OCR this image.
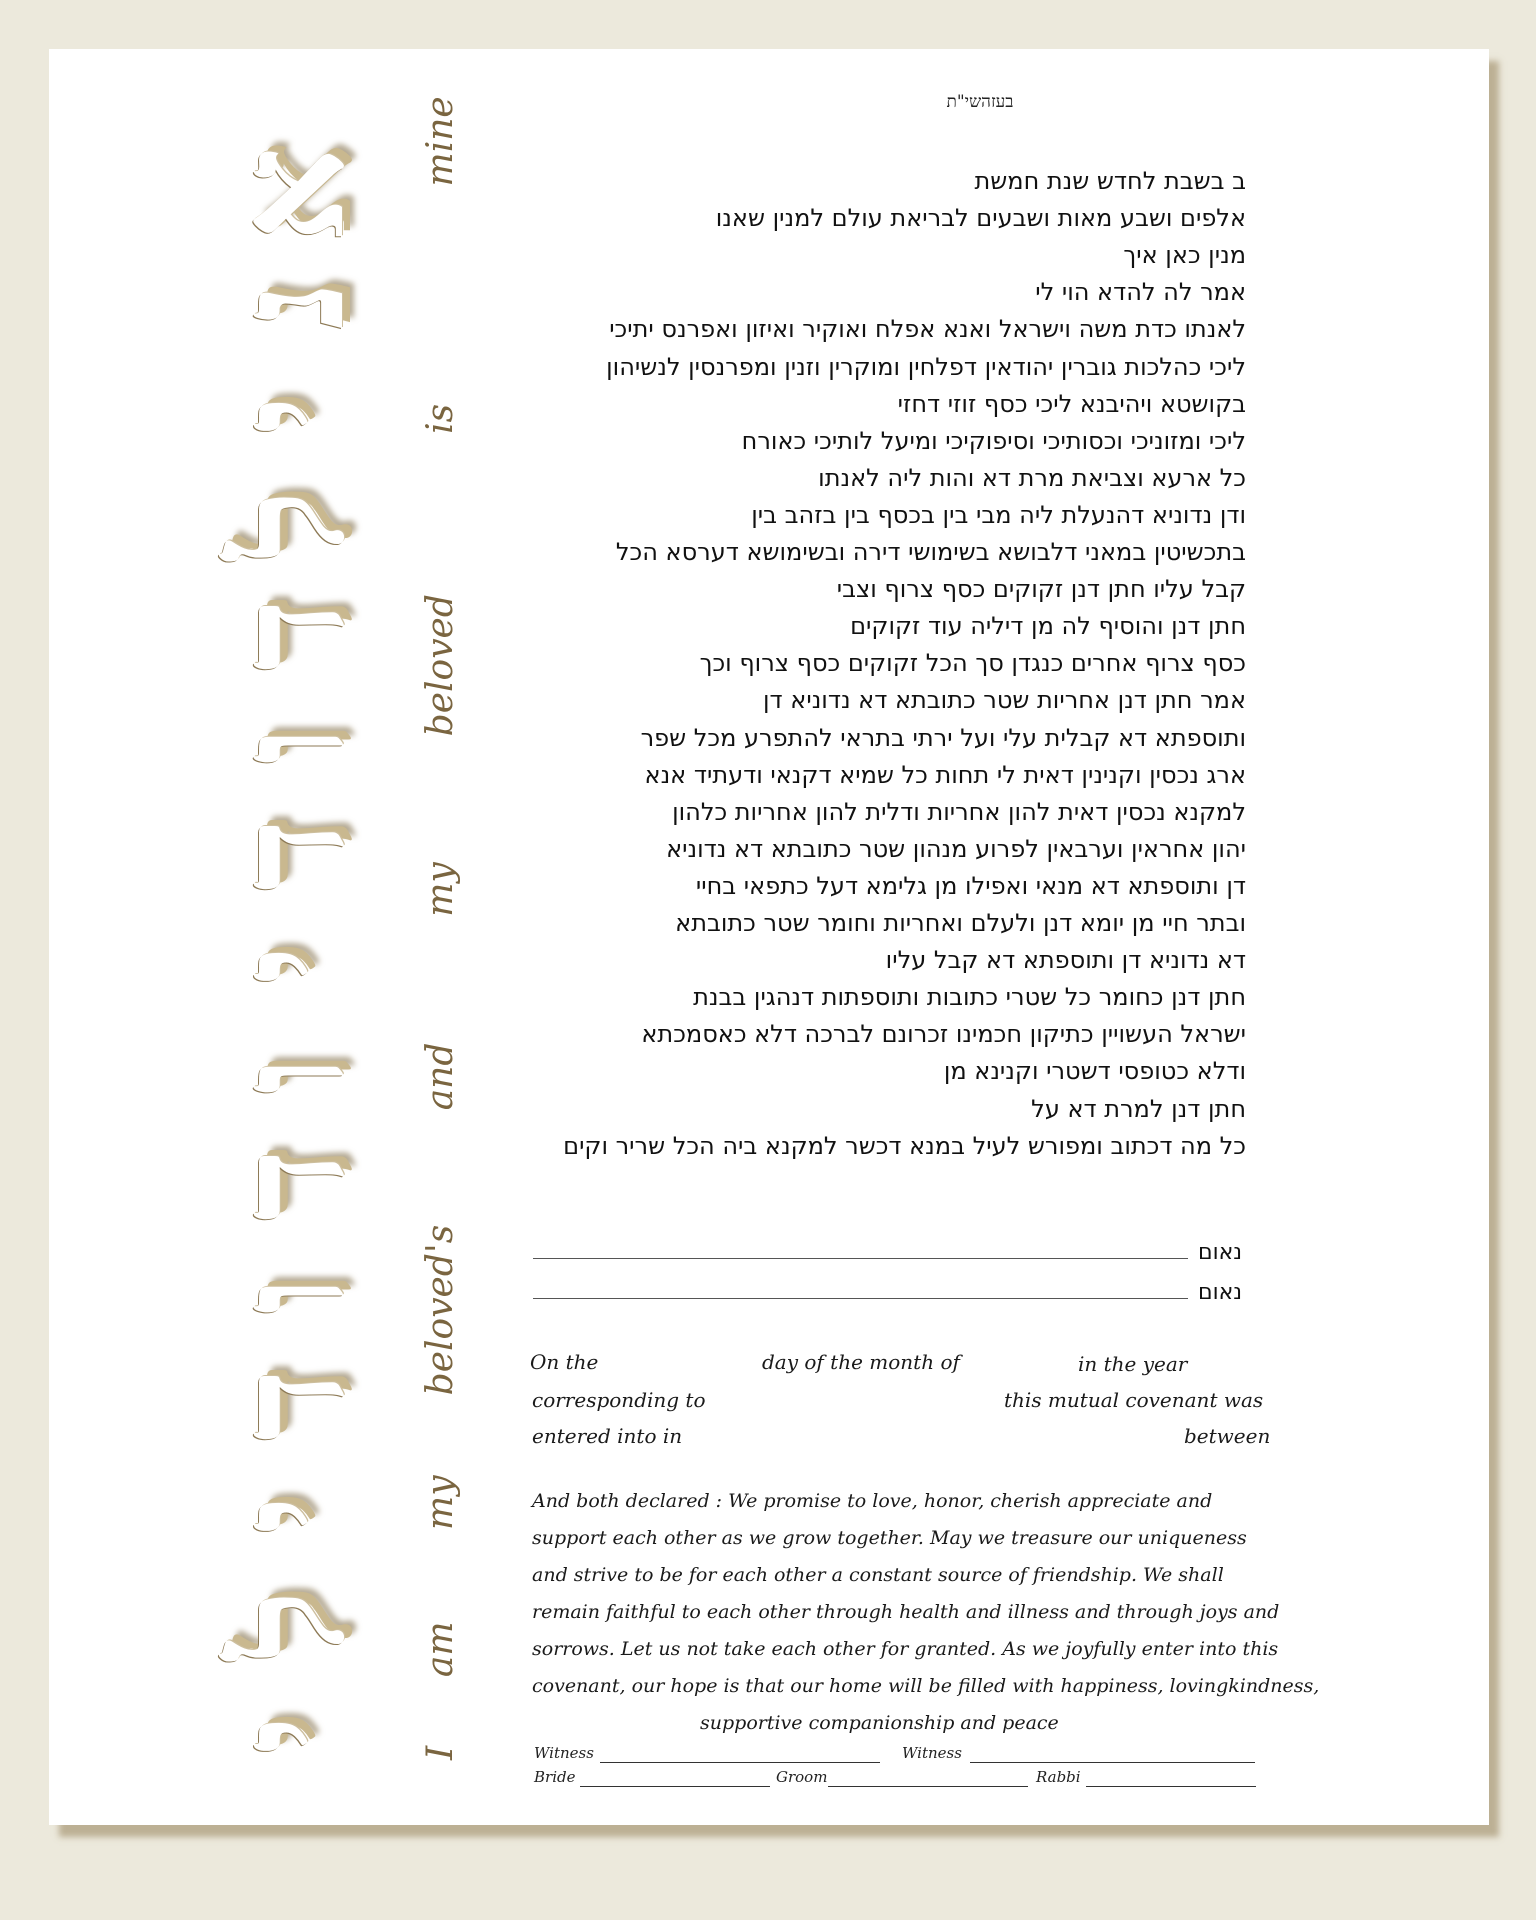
א
נ
י
ל
ד
ו
ד
י
ו
ד
ו
ד
י
ל
י I      am        my       beloved's          and           my           beloved              is                   mine	בעזהשי"ת
ב בשבת לחדש שנת חמשת
אלפים ושבע מאות ושבעים לבריאת עולם למנין שאנו
מנין כאן איך
אמר לה להדא הוי לי
לאנתו כדת משה וישראל ואנא אפלח ואוקיר ואיזון ואפרנס יתיכי
ליכי כהלכות גוברין יהודאין דפלחין ומוקרין וזנין ומפרנסין לנשיהון
בקושטא ויהיבנא ליכי כסף זוזי דחזי
ליכי ומזוניכי וכסותיכי וסיפוקיכי ומיעל לותיכי כאורח
כל ארעא וצביאת מרת דא והות ליה לאנתו
ודן נדוניא דהנעלת ליה מבי בין בכסף בין בזהב בין
בתכשיטין במאני דלבושא בשימושי דירה ובשימושא דערסא הכל
קבל עליו חתן דנן זקוקים כסף צרוף וצבי
חתן דנן והוסיף לה מן דיליה עוד זקוקים
כסף צרוף אחרים כנגדן סך הכל זקוקים כסף צרוף וכך
אמר חתן דנן אחריות שטר כתובתא דא נדוניא דן
ותוספתא דא קבלית עלי ועל ירתי בתראי להתפרע מכל שפר
ארג נכסין וקנינין דאית לי תחות כל שמיא דקנאי ודעתיד אנא
למקנא נכסין דאית להון אחריות ודלית להון אחריות כלהון
יהון אחראין וערבאין לפרוע מנהון שטר כתובתא דא נדוניא
דן ותוספתא דא מנאי ואפילו מן גלימא דעל כתפאי בחיי
ובתר חיי מן יומא דנן ולעלם ואחריות וחומר שטר כתובתא
דא נדוניא דן ותוספתא דא קבל עליו
חתן דנן כחומר כל שטרי כתובות ותוספתות דנהגין בבנת
ישראל העשויין כתיקון חכמינו זכרונם לברכה דלא כאסמכתא
ודלא כטופסי דשטרי וקנינא מן
חתן דנן למרת דא על
כל מה דכתוב ומפורש לעיל במנא דכשר למקנא ביה הכל שריר וקים
נאום
נאום
On the	day of the month of	in the year
corresponding to	this mutual covenant was
entered into in	between
And both declared : We promise to love, honor, cherish appreciate and
support each other as we grow together. May we treasure our uniqueness
and strive to be for each other a constant source of friendship. We shall
remain faithful to each other through health and illness and through joys and
sorrows. Let us not take each other for granted. As we joyfully enter into this
covenant, our hope is that our home will be filled with happiness, lovingkindness,
supportive companionship and peace
Witness	Witness
Bride	Groom	Rabbi
